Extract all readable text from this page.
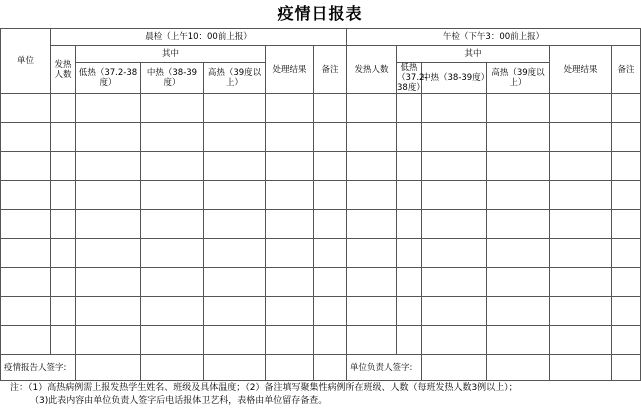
疫情日报表
单位	晨检（上午10：00前上报）						午检（下午3：00前上报）					
	发热人数	其中			处理结果	备注	发热人数	其中			处理结果	备注
		低热（37.2-38度）	中热（38-39度）	高热（39度以上）				低热（37.2-38度）	中热（38-39度）	高热（39度以上）		

疫情报告人签字:							单位负责人签字:					
注：（1）高热病例需上报发热学生姓名、班级及具体温度；（2）备注填写聚集性病例所在班级、人数（每班发热人数3例以上）；
（3)此表内容由单位负责人签字后电话报体卫艺科，表格由单位留存备查。
